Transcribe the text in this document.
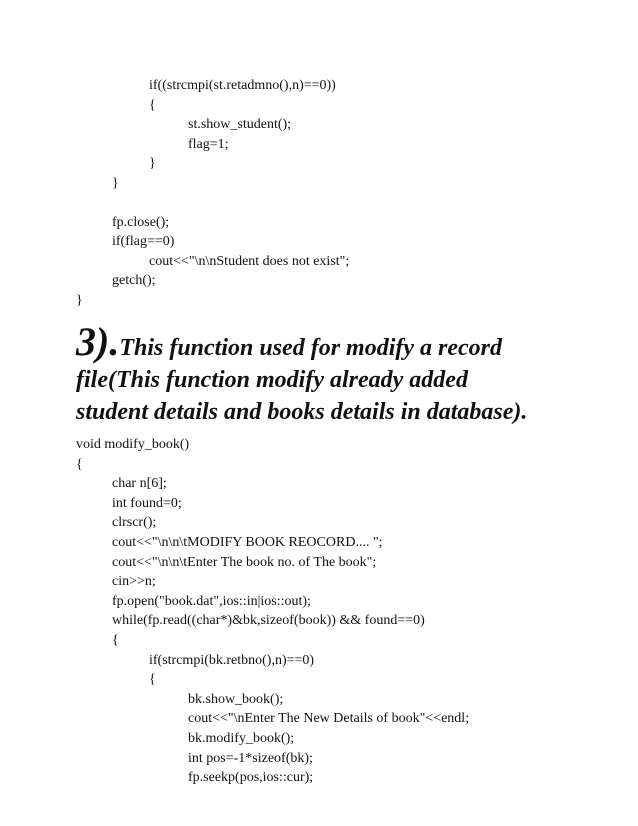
if((strcmpi(st.retadmno(),n)==0))
{
st.show_student();
flag=1;
}
}
fp.close();
if(flag==0)
cout<<"\n\nStudent does not exist";
getch();
}
3).This function used for modify a record
file(This function modify already added
student details and books details in database).
void modify_book()
{
char n[6];
int found=0;
clrscr();
cout<<"\n\n\tMODIFY BOOK REOCORD.... ";
cout<<"\n\n\tEnter The book no. of The book";
cin>>n;
fp.open("book.dat",ios::in|ios::out);
while(fp.read((char*)&bk,sizeof(book)) && found==0)
{
if(strcmpi(bk.retbno(),n)==0)
{
bk.show_book();
cout<<"\nEnter The New Details of book"<<endl;
bk.modify_book();
int pos=-1*sizeof(bk);
fp.seekp(pos,ios::cur);
